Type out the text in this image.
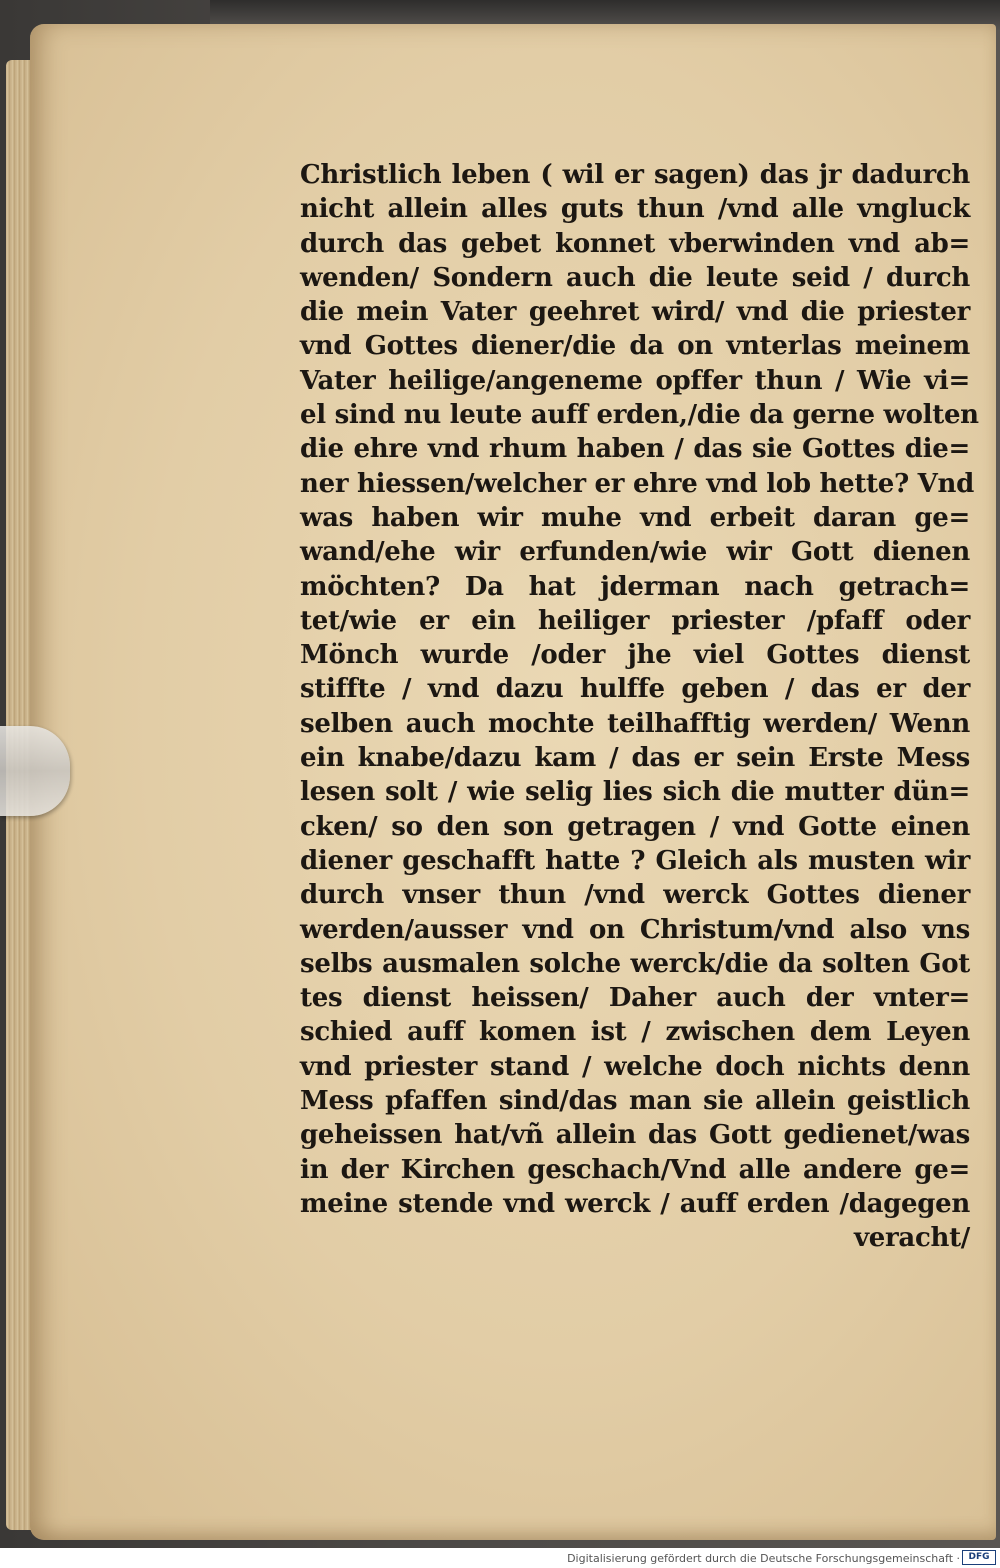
Christlich leben ( wil er sagen) das jr dadurch
nicht allein alles guts thun /vnd alle vngluck
durch das gebet konnet vberwinden vnd ab=
wenden/ Sondern auch die leute seid / durch
die mein Vater geehret wird/ vnd die priester
vnd Gottes diener/die da on vnterlas meinem
Vater heilige/angeneme opffer thun / Wie vi=
el sind nu leute auff erden,/die da gerne wolten
die ehre vnd rhum haben / das sie Gottes die=
ner hiessen/welcher er ehre vnd lob hette? Vnd
was haben wir muhe vnd erbeit daran ge=
wand/ehe wir erfunden/wie wir Gott dienen
möchten? Da hat jderman nach getrach=
tet/wie er ein heiliger priester /pfaff oder
Mönch wurde /oder jhe viel Gottes dienst
stiffte / vnd dazu hulffe geben / das er der
selben auch mochte teilhafftig werden/ Wenn
ein knabe/dazu kam / das er sein Erste Mess
lesen solt / wie selig lies sich die mutter dün=
cken/ so den son getragen / vnd Gotte einen
diener geschafft hatte ? Gleich als musten wir
durch vnser thun /vnd werck Gottes diener
werden/ausser vnd on Christum/vnd also vns
selbs ausmalen solche werck/die da solten Got
tes dienst heissen/ Daher auch der vnter=
schied auff komen ist / zwischen dem Leyen
vnd priester stand / welche doch nichts denn
Mess pfaffen sind/das man sie allein geistlich
geheissen hat/vñ allein das Gott gedienet/was
in der Kirchen geschach/Vnd alle andere ge=
meine stende vnd werck / auff erden /dagegen
veracht/
Digitalisierung gefördert durch die Deutsche Forschungsgemeinschaft · DFG
